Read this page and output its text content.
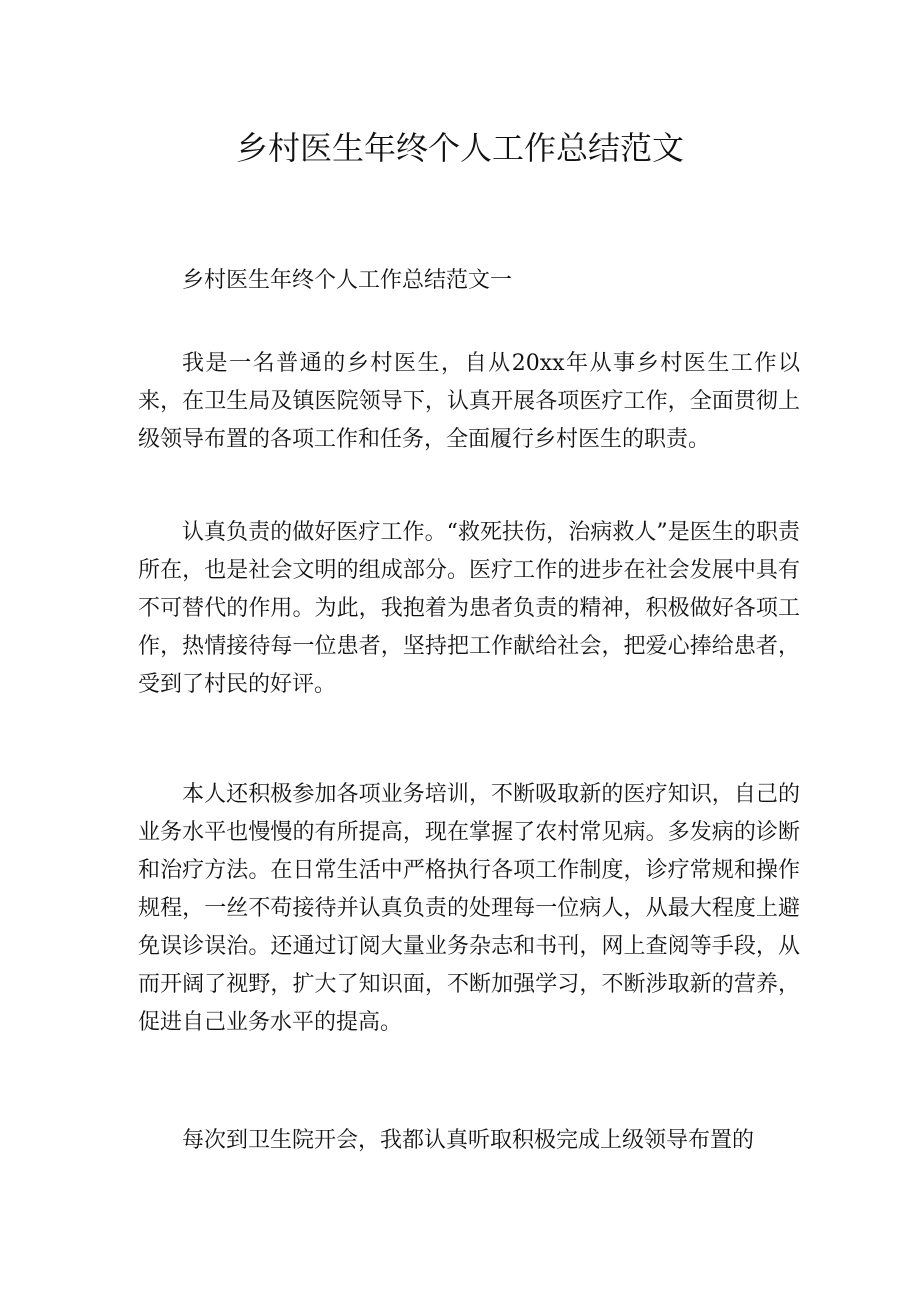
乡村医生年终个人工作总结范文

乡村医生年终个人工作总结范文一

我是一名普通的乡村医生，自从20xx年从事乡村医生工作以来，在卫生局及镇医院领导下，认真开展各项医疗工作，全面贯彻上级领导布置的各项工作和任务，全面履行乡村医生的职责。

认真负责的做好医疗工作。“救死扶伤，治病救人”是医生的职责所在，也是社会文明的组成部分。医疗工作的进步在社会发展中具有不可替代的作用。为此，我抱着为患者负责的精神，积极做好各项工作，热情接待每一位患者，坚持把工作献给社会，把爱心捧给患者，受到了村民的好评。

本人还积极参加各项业务培训，不断吸取新的医疗知识，自己的业务水平也慢慢的有所提高，现在掌握了农村常见病。多发病的诊断和治疗方法。在日常生活中严格执行各项工作制度，诊疗常规和操作规程，一丝不苟接待并认真负责的处理每一位病人，从最大程度上避免误诊误治。还通过订阅大量业务杂志和书刊，网上查阅等手段，从而开阔了视野，扩大了知识面，不断加强学习，不断涉取新的营养，促进自己业务水平的提高。

每次到卫生院开会，我都认真听取积极完成上级领导布置的
